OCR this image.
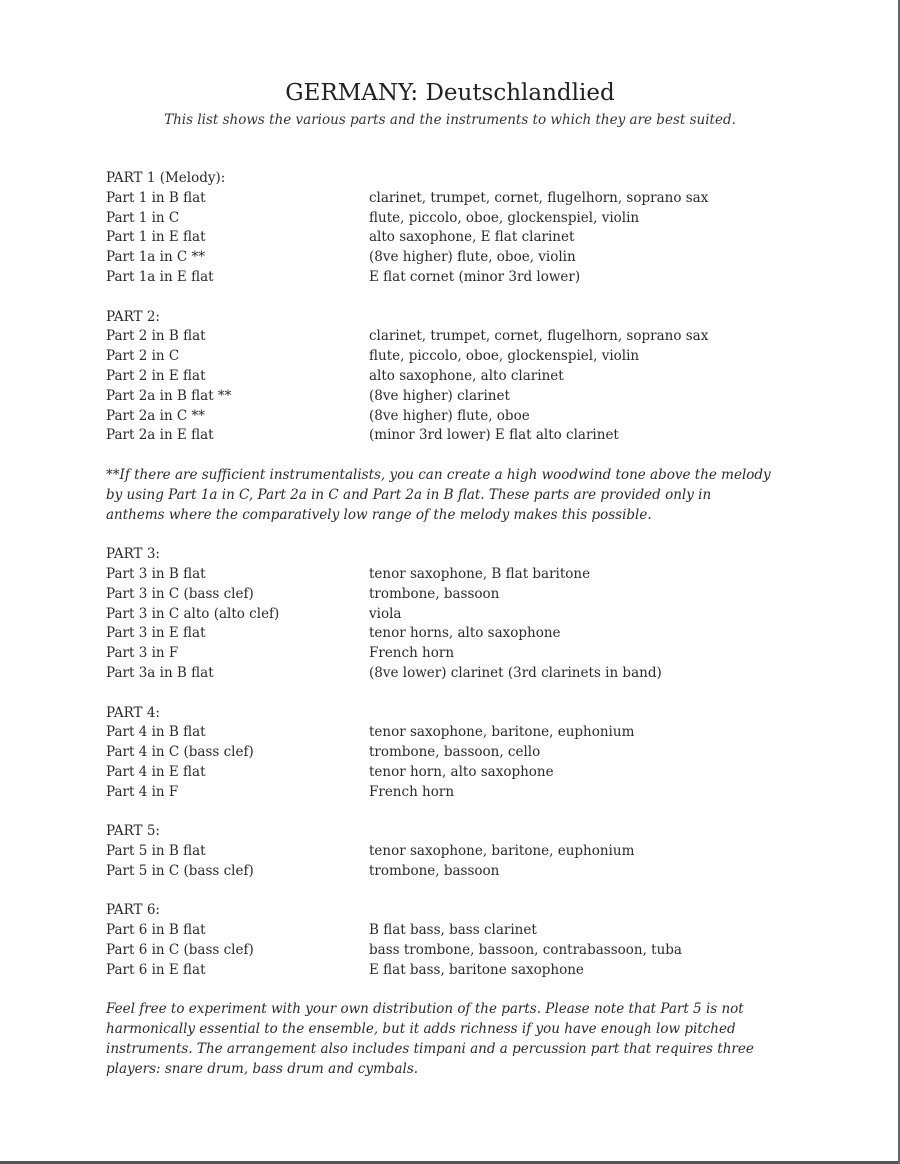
GERMANY: Deutschlandlied
This list shows the various parts and the instruments to which they are best suited.
PART 1 (Melody):
Part 1 in B flat	clarinet, trumpet, cornet, flugelhorn, soprano sax
Part 1 in C	flute, piccolo, oboe, glockenspiel, violin
Part 1 in E flat	alto saxophone, E flat clarinet
Part 1a in C **	(8ve higher) flute, oboe, violin
Part 1a in E flat	E flat cornet (minor 3rd lower)
PART 2:
Part 2 in B flat	clarinet, trumpet, cornet, flugelhorn, soprano sax
Part 2 in C	flute, piccolo, oboe, glockenspiel, violin
Part 2 in E flat	alto saxophone, alto clarinet
Part 2a in B flat **	(8ve higher) clarinet
Part 2a in C **	(8ve higher) flute, oboe
Part 2a in E flat	(minor 3rd lower) E flat alto clarinet

**If there are sufficient instrumentalists, you can create a high woodwind tone above the melody

by using Part 1a in C, Part 2a in C and Part 2a in B flat. These parts are provided only in

anthems where the comparatively low range of the melody makes this possible.

PART 3:
Part 3 in B flat	tenor saxophone, B flat baritone
Part 3 in C (bass clef)	trombone, bassoon
Part 3 in C alto (alto clef)	viola
Part 3 in E flat	tenor horns, alto saxophone
Part 3 in F	French horn
Part 3a in B flat	(8ve lower) clarinet (3rd clarinets in band)
PART 4:
Part 4 in B flat	tenor saxophone, baritone, euphonium
Part 4 in C (bass clef)	trombone, bassoon, cello
Part 4 in E flat	tenor horn, alto saxophone
Part 4 in F	French horn
PART 5:
Part 5 in B flat	tenor saxophone, baritone, euphonium
Part 5 in C (bass clef)	trombone, bassoon
PART 6:
Part 6 in B flat	B flat bass, bass clarinet
Part 6 in C (bass clef)	bass trombone, bassoon, contrabassoon, tuba
Part 6 in E flat	E flat bass, baritone saxophone

Feel free to experiment with your own distribution of the parts. Please note that Part 5 is not

harmonically essential to the ensemble, but it adds richness if you have enough low pitched

instruments. The arrangement also includes timpani and a percussion part that requires three

players: snare drum, bass drum and cymbals.
